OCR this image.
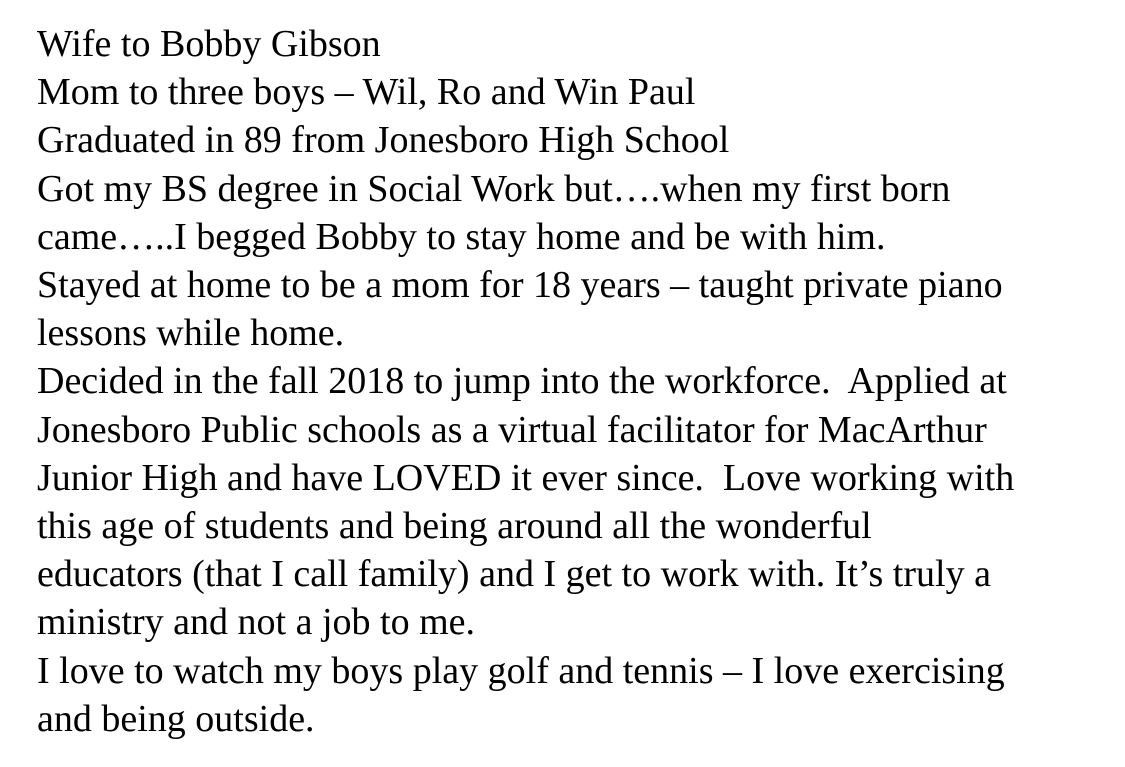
Wife to Bobby Gibson
Mom to three boys – Wil, Ro and Win Paul
Graduated in 89 from Jonesboro High School
Got my BS degree in Social Work but….when my first born
came…..I begged Bobby to stay home and be with him.
Stayed at home to be a mom for 18 years – taught private piano
lessons while home.
Decided in the fall 2018 to jump into the workforce.  Applied at
Jonesboro Public schools as a virtual facilitator for MacArthur
Junior High and have LOVED it ever since.  Love working with
this age of students and being around all the wonderful
educators (that I call family) and I get to work with. It’s truly a
ministry and not a job to me.
I love to watch my boys play golf and tennis – I love exercising
and being outside.
